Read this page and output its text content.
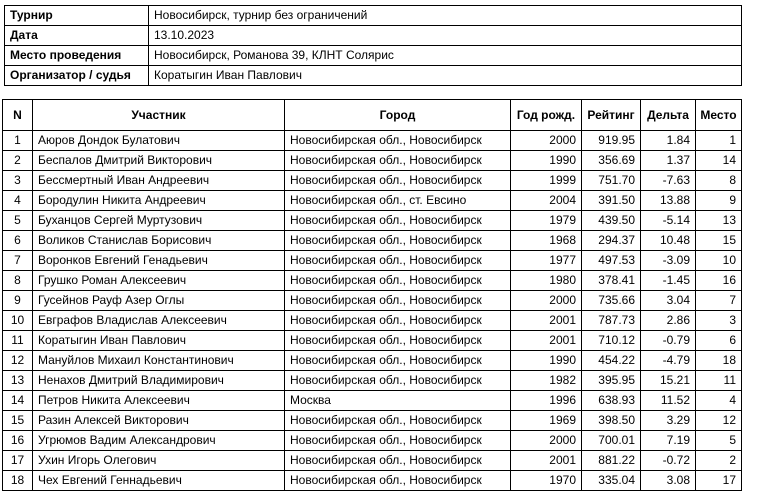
Турнир	Новосибирск, турнир без ограничений
Дата	13.10.2023
Место проведения	Новосибирск, Романова 39, КЛНТ Солярис
Организатор / судья	Коратыгин Иван Павлович
N	Участник	Город	Год рожд.	Рейтинг	Дельта	Место
1	Аюров Дондок Булатович	Новосибирская обл., Новосибирск	2000	919.95	1.84	1
2	Беспалов Дмитрий Викторович	Новосибирская обл., Новосибирск	1990	356.69	1.37	14
3	Бессмертный Иван Андреевич	Новосибирская обл., Новосибирск	1999	751.70	-7.63	8
4	Бородулин Никита Андреевич	Новосибирская обл., ст. Евсино	2004	391.50	13.88	9
5	Буханцов Сергей Муртузович	Новосибирская обл., Новосибирск	1979	439.50	-5.14	13
6	Воликов Станислав Борисович	Новосибирская обл., Новосибирск	1968	294.37	10.48	15
7	Воронков Евгений Генадьевич	Новосибирская обл., Новосибирск	1977	497.53	-3.09	10
8	Грушко Роман Алексеевич	Новосибирская обл., Новосибирск	1980	378.41	-1.45	16
9	Гусейнов Рауф Азер Оглы	Новосибирская обл., Новосибирск	2000	735.66	3.04	7
10	Евграфов Владислав Алексеевич	Новосибирская обл., Новосибирск	2001	787.73	2.86	3
11	Коратыгин Иван Павлович	Новосибирская обл., Новосибирск	2001	710.12	-0.79	6
12	Мануйлов Михаил Константинович	Новосибирская обл., Новосибирск	1990	454.22	-4.79	18
13	Ненахов Дмитрий Владимирович	Новосибирская обл., Новосибирск	1982	395.95	15.21	11
14	Петров Никита Алексеевич	Москва	1996	638.93	11.52	4
15	Разин Алексей Викторович	Новосибирская обл., Новосибирск	1969	398.50	3.29	12
16	Угрюмов Вадим Александрович	Новосибирская обл., Новосибирск	2000	700.01	7.19	5
17	Ухин Игорь Олегович	Новосибирская обл., Новосибирск	2001	881.22	-0.72	2
18	Чех Евгений Геннадьевич	Новосибирская обл., Новосибирск	1970	335.04	3.08	17
